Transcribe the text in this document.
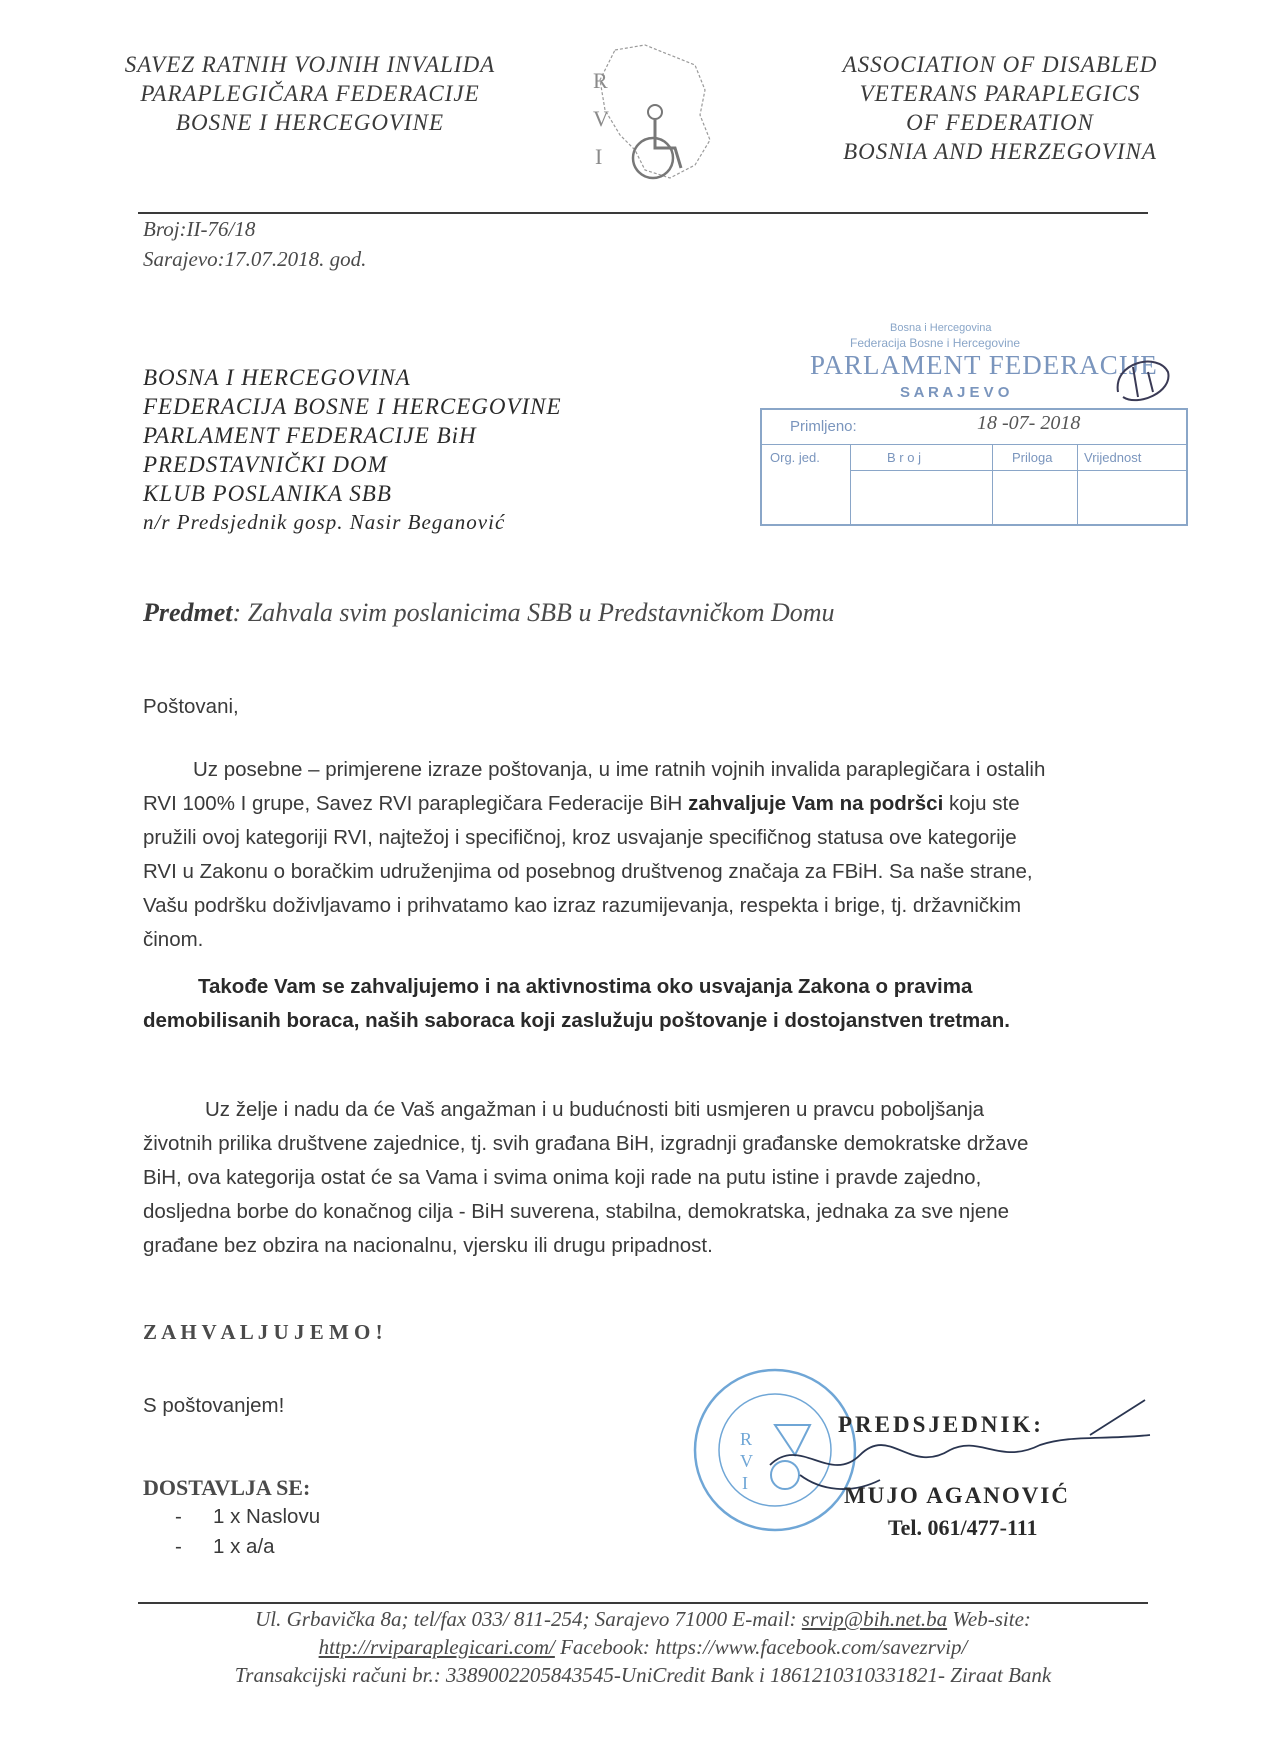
SAVEZ RATNIH VOJNIH INVALIDA
PARAPLEGIČARA FEDERACIJE
BOSNE I HERCEGOVINE
R
V
I
ASSOCIATION OF DISABLED
VETERANS PARAPLEGICS
OF FEDERATION
BOSNIA AND HERZEGOVINA
Broj:II-76/18
Sarajevo:17.07.2018. god.
BOSNA I HERCEGOVINA
FEDERACIJA BOSNE I HERCEGOVINE
PARLAMENT FEDERACIJE BiH
PREDSTAVNIČKI DOM
KLUB POSLANIKA SBB
n/r Predsjednik gosp. Nasir Beganović
Bosna i Hercegovina
Federacija Bosne i Hercegovine
PARLAMENT FEDERACIJE
S A R A J E V O
Primljeno:	18 -07- 2018
Org. jed.	B r o j	Priloga Vrijednost
Predmet: Zahvala svim poslanicima SBB u Predstavničkom Domu
Poštovani,
Uz posebne – primjerene izraze poštovanja, u ime ratnih vojnih invalida paraplegičara i ostalih
RVI 100% I grupe, Savez RVI paraplegičara Federacije BiH zahvaljuje Vam na podršci koju ste
pružili ovoj kategoriji RVI, najtežoj i specifičnoj, kroz usvajanje specifičnog statusa ove kategorije
RVI u Zakonu o boračkim udruženjima od posebnog društvenog značaja za FBiH. Sa naše strane,
Vašu podršku doživljavamo i prihvatamo kao izraz razumijevanja, respekta i brige, tj. državničkim
činom.
Takođe Vam se zahvaljujemo i na aktivnostima oko usvajanja Zakona o pravima
demobilisanih boraca, naših saboraca koji zaslužuju poštovanje i dostojanstven tretman.
Uz želje i nadu da će Vaš angažman i u budućnosti biti usmjeren u pravcu poboljšanja
životnih prilika društvene zajednice, tj. svih građana BiH, izgradnji građanske demokratske države
BiH, ova kategorija ostat će sa Vama i svima onima koji rade na putu istine i pravde zajedno,
dosljedna borbe do konačnog cilja - BiH suverena, stabilna, demokratska, jednaka za sve njene
građane bez obzira na nacionalnu, vjersku ili drugu pripadnost.
Z A H V A L J U J E M O !
S poštovanjem!
DOSTAVLJA SE:
- 1 x Naslovu
- 1 x a/a
R
V
I
PREDSJEDNIK:
MUJO AGANOVIĆ
Tel. 061/477-111
Ul. Grbavička 8a; tel/fax 033/ 811-254; Sarajevo 71000 E-mail: srvip@bih.net.ba Web-site:
http://rviparaplegicari.com/ Facebook: https://www.facebook.com/savezrvip/
Transakcijski računi br.: 3389002205843545-UniCredit Bank i 1861210310331821- Ziraat Bank
